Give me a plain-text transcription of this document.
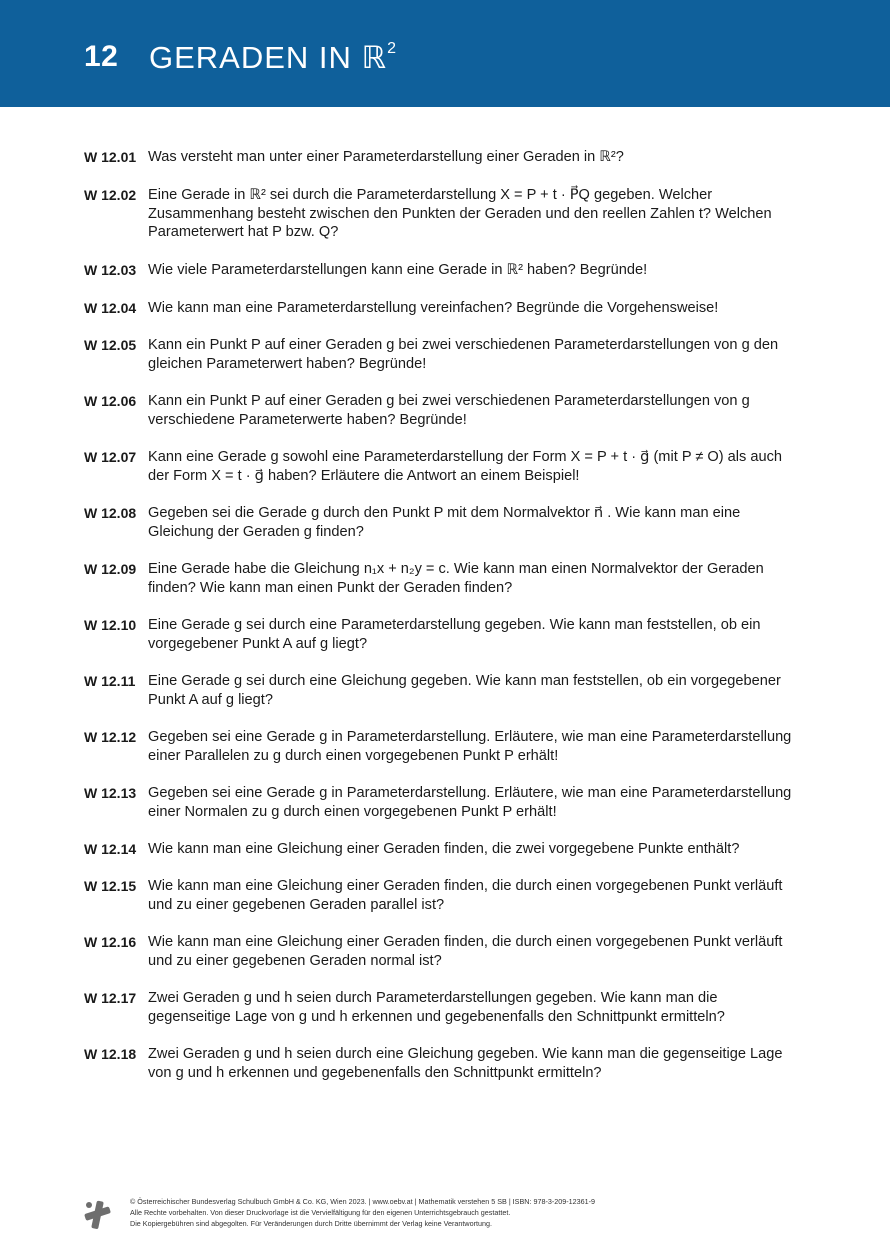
12 GERADEN IN ℝ$^2$
W 12.01 Was versteht man unter einer Parameterdarstellung einer Geraden in ℝ²?
W 12.02 Eine Gerade in ℝ² sei durch die Parameterdarstellung X = P + t · P⃗Q gegeben. Welcher Zusammenhang besteht zwischen den Punkten der Geraden und den reellen Zahlen t? Welchen Parameterwert hat P bzw. Q?
W 12.03 Wie viele Parameterdarstellungen kann eine Gerade in ℝ² haben? Begründe!
W 12.04 Wie kann man eine Parameterdarstellung vereinfachen? Begründe die Vorgehensweise!
W 12.05 Kann ein Punkt P auf einer Geraden g bei zwei verschiedenen Parameterdarstellungen von g den gleichen Parameterwert haben? Begründe!
W 12.06 Kann ein Punkt P auf einer Geraden g bei zwei verschiedenen Parameterdarstellungen von g verschiedene Parameterwerte haben? Begründe!
W 12.07 Kann eine Gerade g sowohl eine Parameterdarstellung der Form X = P + t · g⃗ (mit P ≠ O) als auch der Form X = t · g⃗ haben? Erläutere die Antwort an einem Beispiel!
W 12.08 Gegeben sei die Gerade g durch den Punkt P mit dem Normalvektor n⃗ . Wie kann man eine Gleichung der Geraden g finden?
W 12.09 Eine Gerade habe die Gleichung n₁x + n₂y = c. Wie kann man einen Normalvektor der Geraden finden? Wie kann man einen Punkt der Geraden finden?
W 12.10 Eine Gerade g sei durch eine Parameterdarstellung gegeben. Wie kann man feststellen, ob ein vorgegebener Punkt A auf g liegt?
W 12.11 Eine Gerade g sei durch eine Gleichung gegeben. Wie kann man feststellen, ob ein vorgegebener Punkt A auf g liegt?
W 12.12 Gegeben sei eine Gerade g in Parameterdarstellung. Erläutere, wie man eine Parameterdarstellung einer Parallelen zu g durch einen vorgegebenen Punkt P erhält!
W 12.13 Gegeben sei eine Gerade g in Parameterdarstellung. Erläutere, wie man eine Parameterdarstellung einer Normalen zu g durch einen vorgegebenen Punkt P erhält!
W 12.14 Wie kann man eine Gleichung einer Geraden finden, die zwei vorgegebene Punkte enthält?
W 12.15 Wie kann man eine Gleichung einer Geraden finden, die durch einen vorgegebenen Punkt verläuft und zu einer gegebenen Geraden parallel ist?
W 12.16 Wie kann man eine Gleichung einer Geraden finden, die durch einen vorgegebenen Punkt verläuft und zu einer gegebenen Geraden normal ist?
W 12.17 Zwei Geraden g und h seien durch Parameterdarstellungen gegeben. Wie kann man die gegenseitige Lage von g und h erkennen und gegebenenfalls den Schnittpunkt ermitteln?
W 12.18 Zwei Geraden g und h seien durch eine Gleichung gegeben. Wie kann man die gegenseitige Lage von g und h erkennen und gegebenenfalls den Schnittpunkt ermitteln?
© Österreichischer Bundesverlag Schulbuch GmbH & Co. KG, Wien 2023. | www.oebv.at | Mathematik verstehen 5 SB | ISBN: 978-3-209-12361-9
Alle Rechte vorbehalten. Von dieser Druckvorlage ist die Vervielfältigung für den eigenen Unterrichtsgebrauch gestattet.
Die Kopiergebühren sind abgegolten. Für Veränderungen durch Dritte übernimmt der Verlag keine Verantwortung.
